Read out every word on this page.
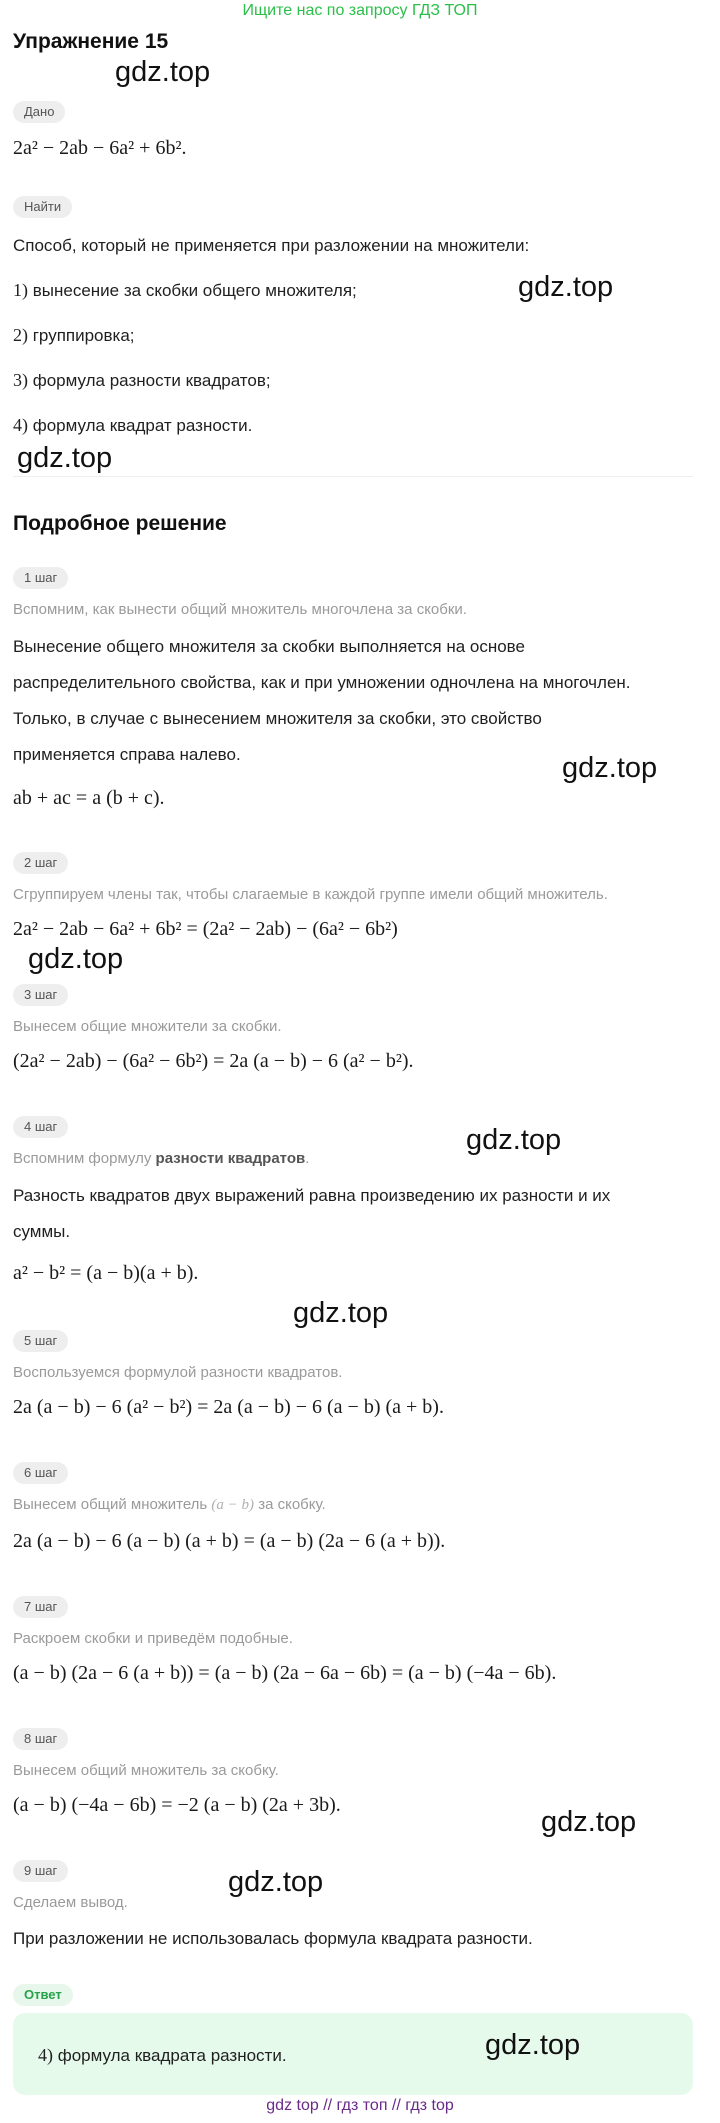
Ищите нас по запросу ГДЗ ТОП
Упражнение 15
Дано
2a² − 2ab − 6a² + 6b².
Найти
Способ, который не применяется при разложении на множители:
1) вынесение за скобки общего множителя;
2) группировка;
3) формула разности квадратов;
4) формула квадрат разности.
Подробное решение
1 шаг
Вспомним, как вынести общий множитель многочлена за скобки.
Вынесение общего множителя за скобки выполняется на основе
распределительного свойства, как и при умножении одночлена на многочлен.
Только, в случае с вынесением множителя за скобки, это свойство
применяется справа налево.
ab + ac = a (b + c).
2 шаг
Сгруппируем члены так, чтобы слагаемые в каждой группе имели общий множитель.
2a² − 2ab − 6a² + 6b² = (2a² − 2ab) − (6a² − 6b²)
3 шаг
Вынесем общие множители за скобки.
(2a² − 2ab) − (6a² − 6b²) = 2a (a − b) − 6 (a² − b²).
4 шаг
Вспомним формулу разности квадратов.
Разность квадратов двух выражений равна произведению их разности и их
суммы.
a² − b² = (a − b)(a + b).
5 шаг
Воспользуемся формулой разности квадратов.
2a (a − b) − 6 (a² − b²) = 2a (a − b) − 6 (a − b) (a + b).
6 шаг
Вынесем общий множитель (a − b) за скобку.
2a (a − b) − 6 (a − b) (a + b) = (a − b) (2a − 6 (a + b)).
7 шаг
Раскроем скобки и приведём подобные.
(a − b) (2a − 6 (a + b)) = (a − b) (2a − 6a − 6b) = (a − b) (−4a − 6b).
8 шаг
Вынесем общий множитель за скобку.
(a − b) (−4a − 6b) = −2 (a − b) (2a + 3b).
9 шаг
Сделаем вывод.
При разложении не использовалась формула квадрата разности.
Ответ
4) формула квадрата разности.
gdz.top
gdz.top
gdz.top
gdz.top
gdz.top
gdz.top
gdz.top
gdz.top
gdz.top
gdz.top
gdz top // гдз топ // гдз top
